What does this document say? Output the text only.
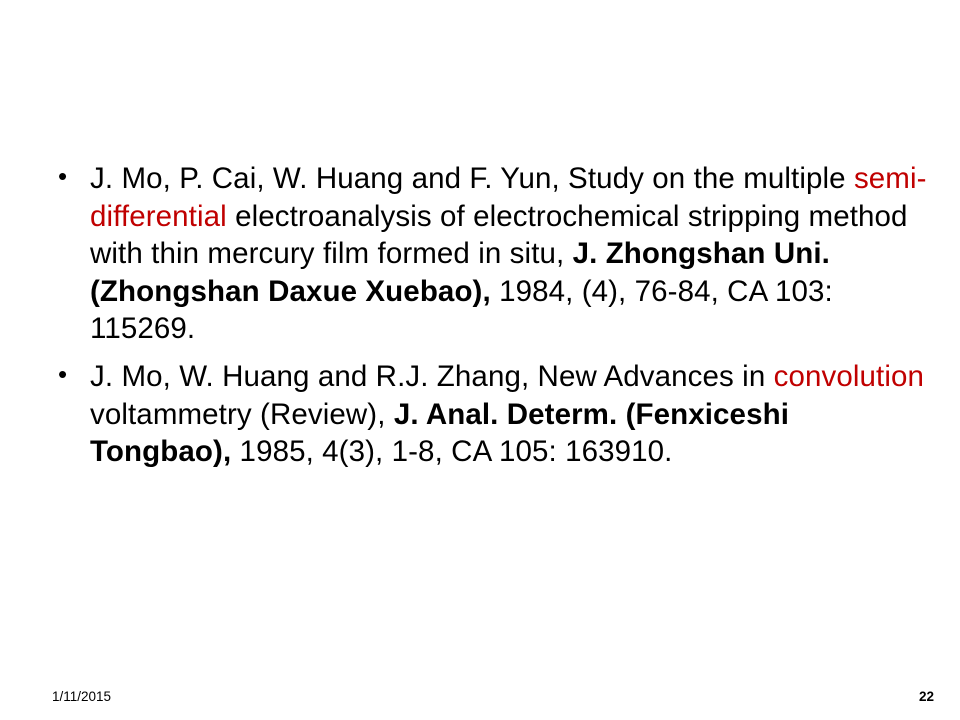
• J. Mo, P. Cai, W. Huang and F. Yun, Study on the multiple semi-differential electroanalysis of electrochemical stripping method with thin mercury film formed in situ, J. Zhongshan Uni. (Zhongshan Daxue Xuebao), 1984, (4), 76-84, CA 103: 115269.
• J. Mo, W. Huang and R.J. Zhang, New Advances in convolution voltammetry (Review), J. Anal. Determ. (Fenxiceshi Tongbao), 1985, 4(3), 1-8, CA 105: 163910.
1/11/2015	22
